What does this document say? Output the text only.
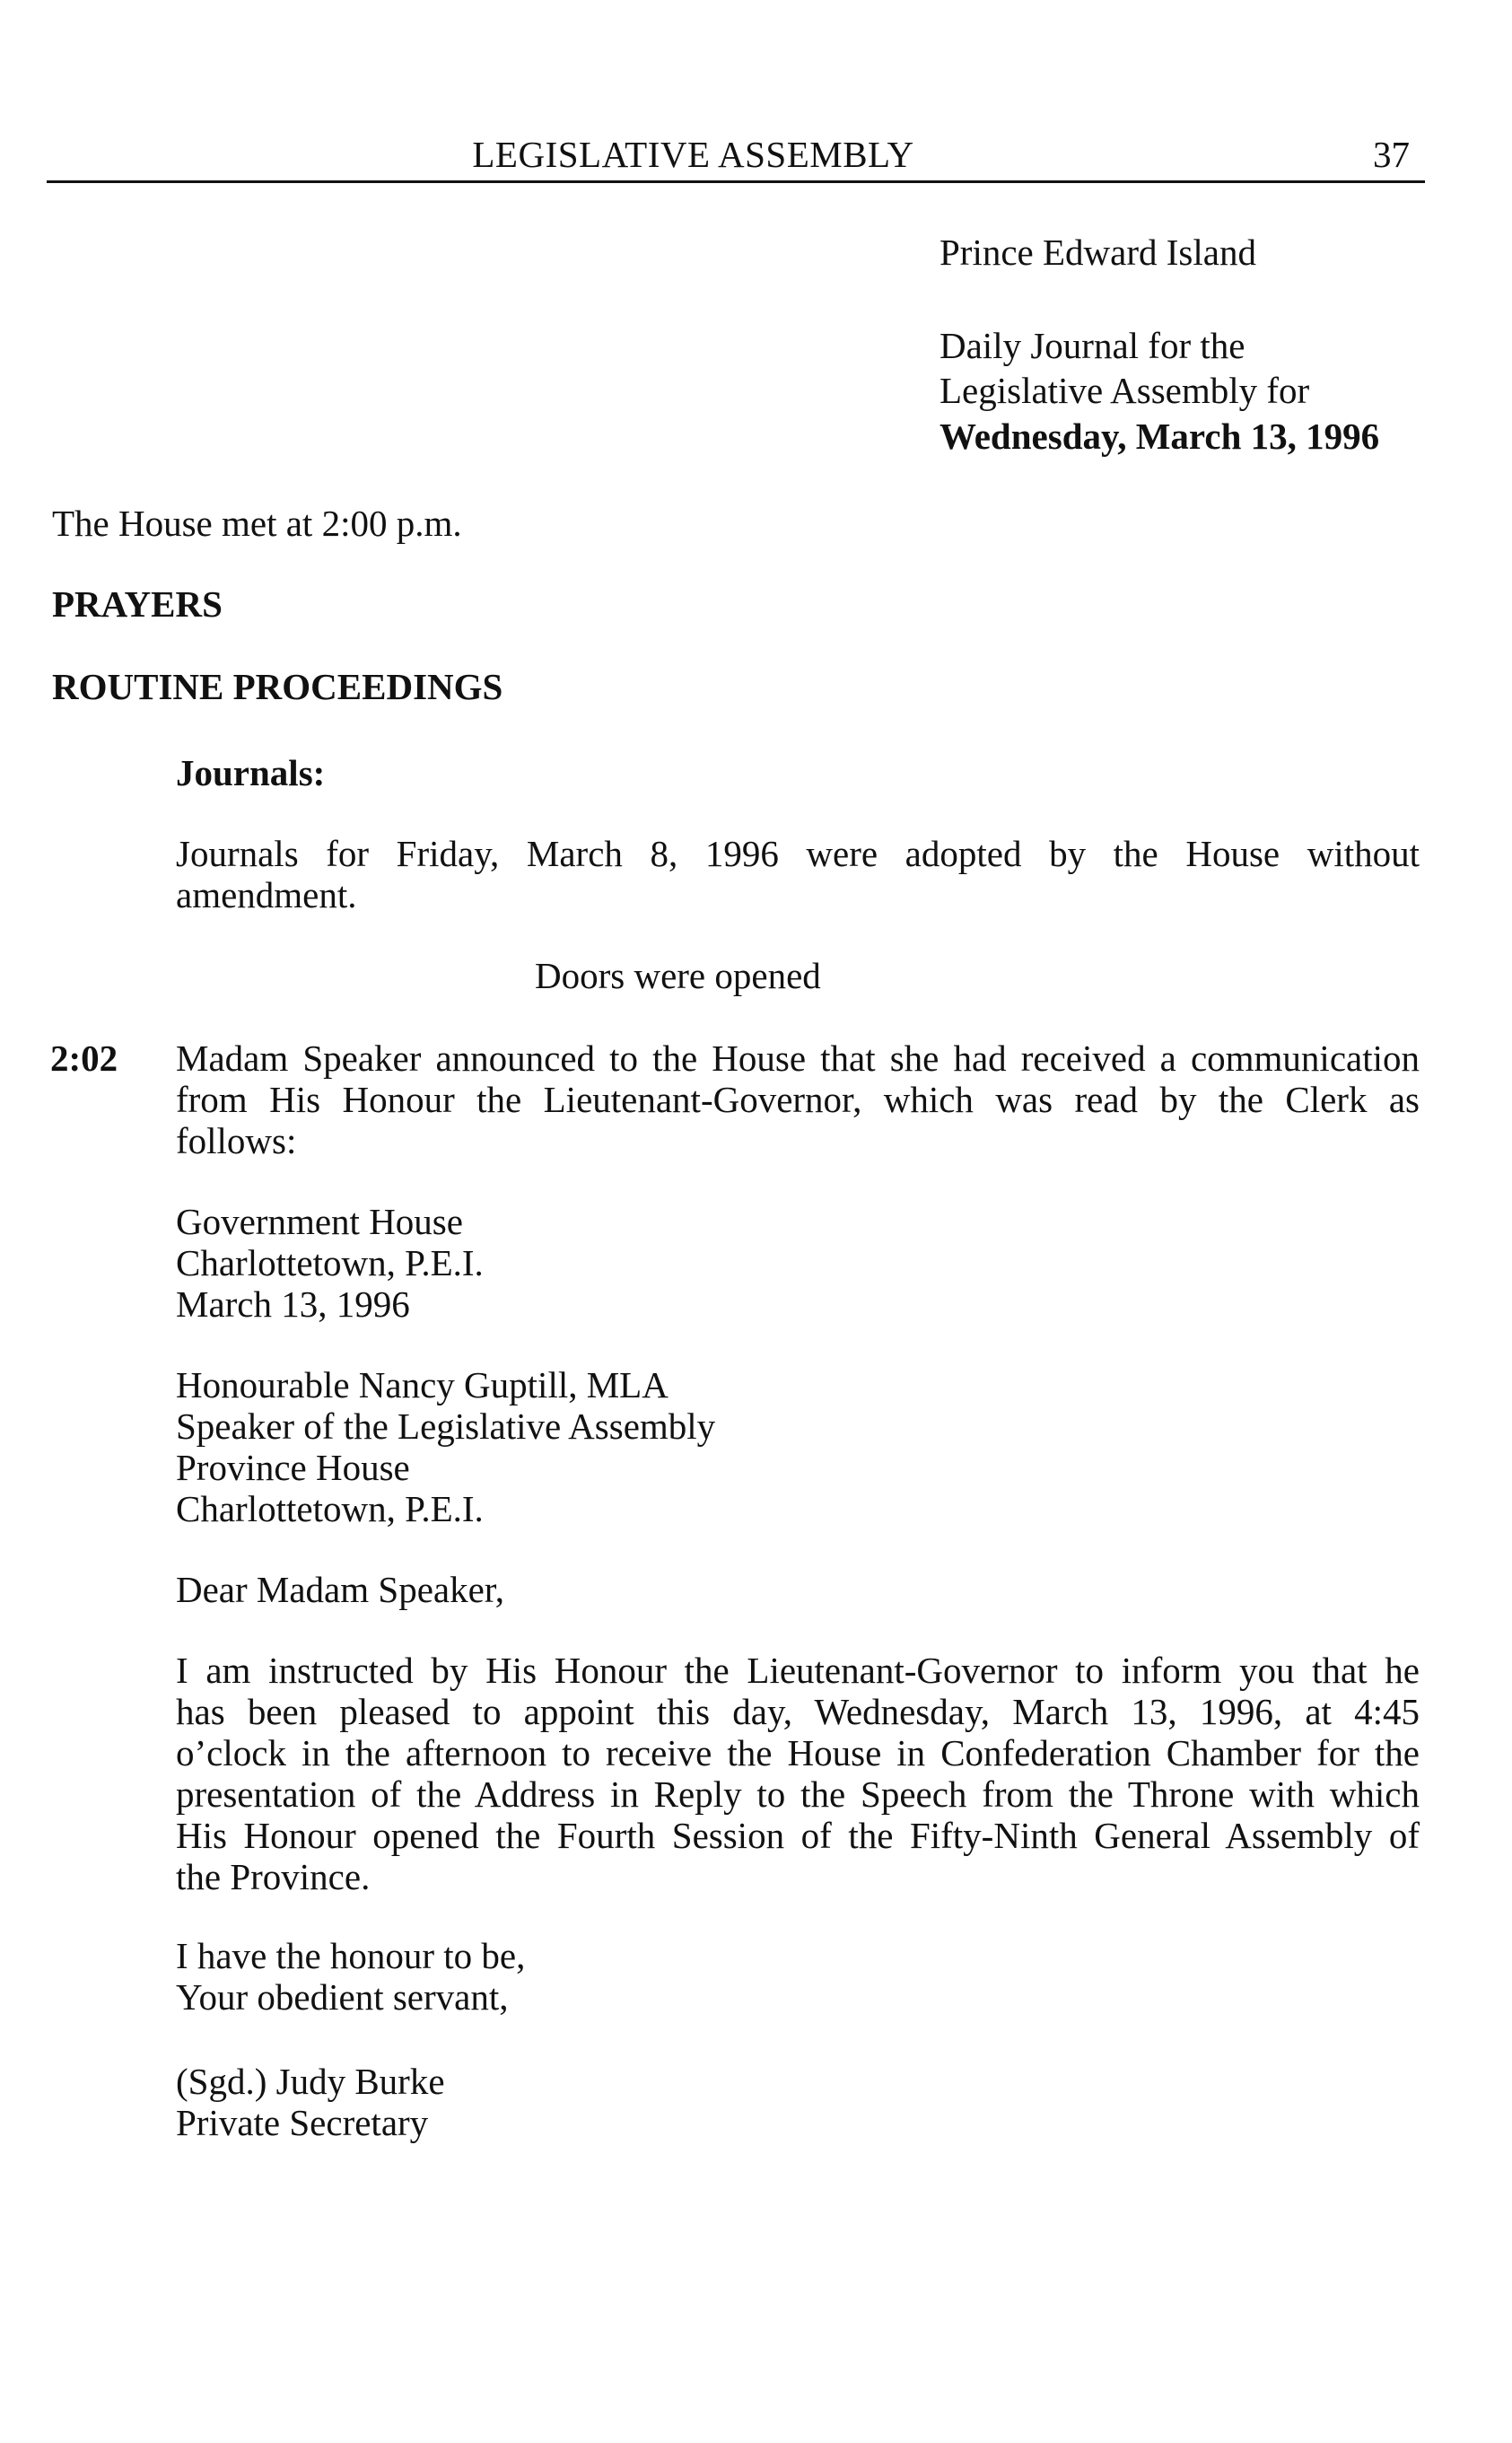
LEGISLATIVE ASSEMBLY	37
Prince Edward Island
Daily Journal for the
Legislative Assembly for
Wednesday, March 13, 1996
The House met at 2:00 p.m.
PRAYERS
ROUTINE PROCEEDINGS
Journals:
Journals for Friday, March 8, 1996 were adopted by the House without
amendment.
Doors were opened
2:02 Madam Speaker announced to the House that she had received a communication
from His Honour the Lieutenant-Governor, which was read by the Clerk as
follows:
Government House
Charlottetown, P.E.I.
March 13, 1996
Honourable Nancy Guptill, MLA
Speaker of the Legislative Assembly
Province House
Charlottetown, P.E.I.
Dear Madam Speaker,
I am instructed by His Honour the Lieutenant-Governor to inform you that he
has been pleased to appoint this day, Wednesday, March 13, 1996, at 4:45
o’clock in the afternoon to receive the House in Confederation Chamber for the
presentation of the Address in Reply to the Speech from the Throne with which
His Honour opened the Fourth Session of the Fifty-Ninth General Assembly of
the Province.
I have the honour to be,
Your obedient servant,
(Sgd.) Judy Burke
Private Secretary
